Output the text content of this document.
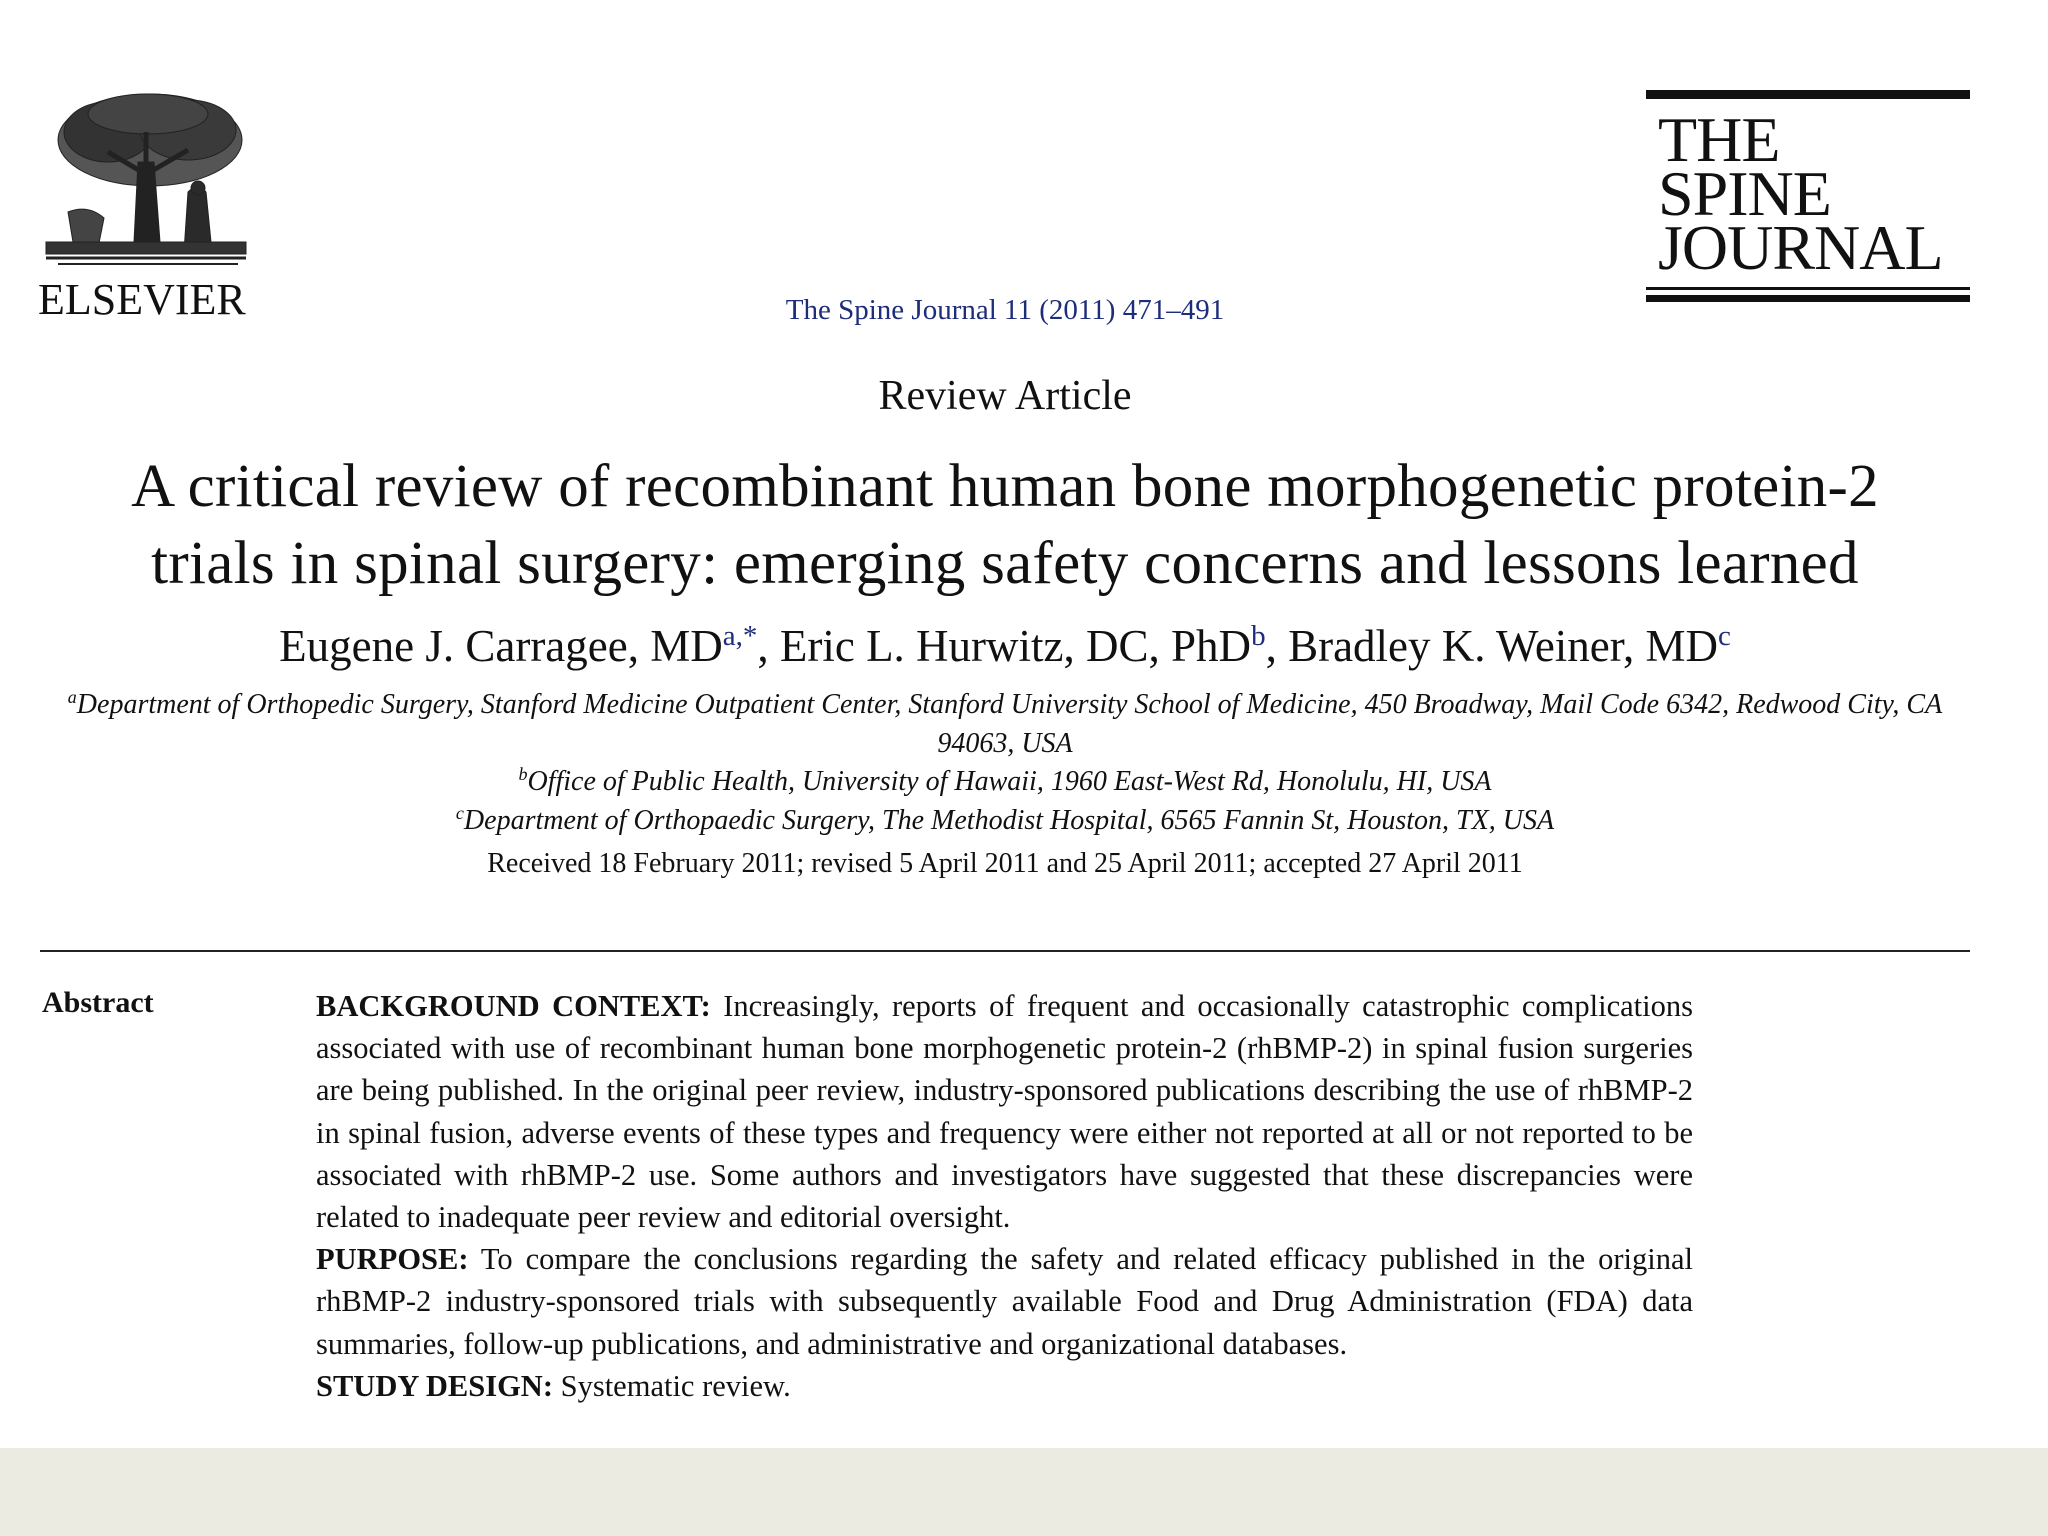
ELSEVIER	The Spine Journal 11 (2011) 471–491
THE
SPINE
JOURNAL
Review Article
A critical review of recombinant human bone morphogenetic protein-2
trials in spinal surgery: emerging safety concerns and lessons learned
Eugene J. Carragee, $MD^{a,*}$, Eric L. Hurwitz, DC, PhD$^b$, Bradley K. Weiner, $MD^c$
$^a$Department of Orthopedic Surgery, Stanford Medicine Outpatient Center, Stanford University School of Medicine, 450 Broadway, Mail Code 6342, Redwood City, CA 94063, USA
$^b$Office of Public Health, University of Hawaii, 1960 East-West Rd, Honolulu, HI, USA
$^c$Department of Orthopaedic Surgery, The Methodist Hospital, 6565 Fannin St, Houston, TX, USA
Received 18 February 2011; revised 5 April 2011 and 25 April 2011; accepted 27 April 2011
Abstract	BACKGROUND CONTEXT: Increasingly, reports of frequent and occasionally catastrophic complications associated with use of recombinant human bone morphogenetic protein-2 (rhBMP-2) in spinal fusion surgeries are being published. In the original peer review, industry-sponsored publications describing the use of rhBMP-2 in spinal fusion, adverse events of these types and frequency were either not reported at all or not reported to be associated with rhBMP-2 use. Some authors and investigators have suggested that these discrepancies were related to inadequate peer review and editorial oversight.

PURPOSE: To compare the conclusions regarding the safety and related efficacy published in the original rhBMP-2 industry-sponsored trials with subsequently available Food and Drug Administration (FDA) data summaries, follow-up publications, and administrative and organizational databases.

STUDY DESIGN: Systematic review.
